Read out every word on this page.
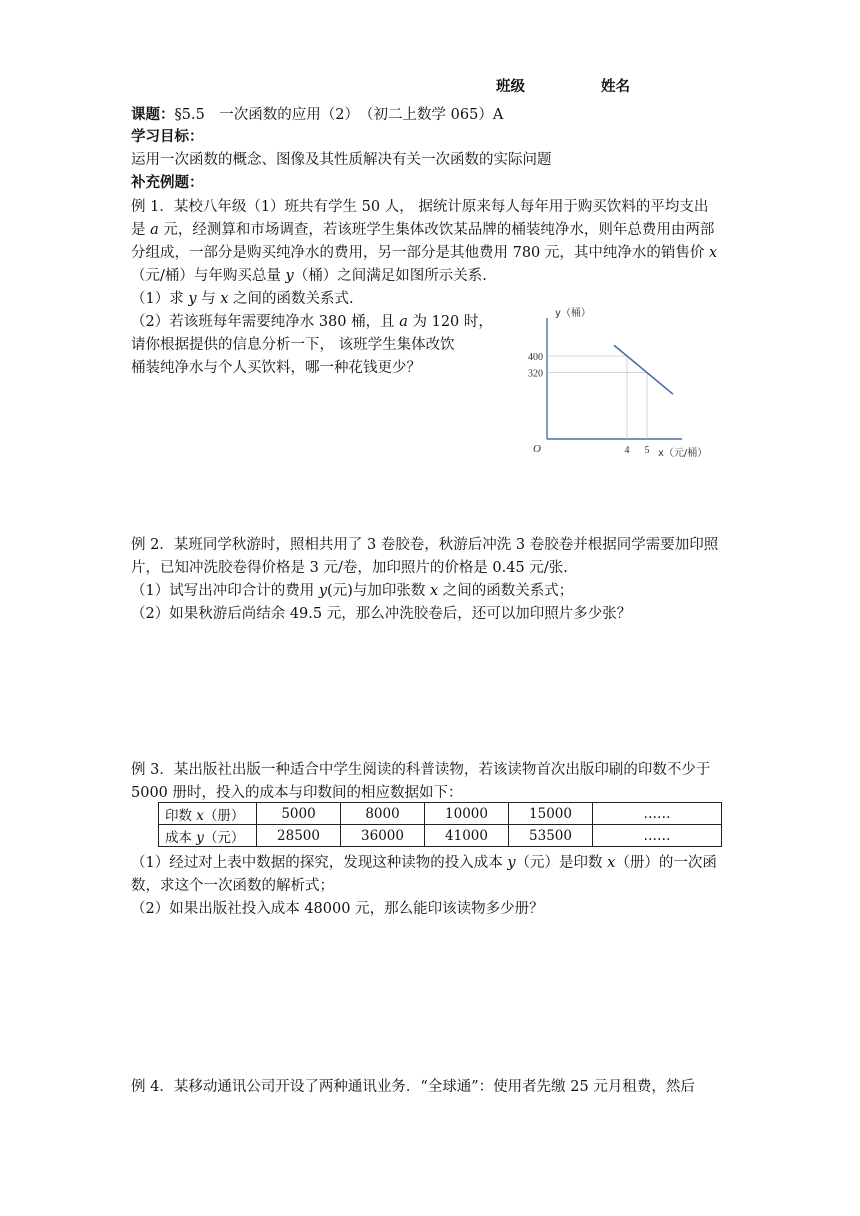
班级	姓名
课题：§5.5　一次函数的应用（2）　（初二上数学 065）A
学习目标：
运用一次函数的概念、图像及其性质解决有关一次函数的实际问题
补充例题：
例 1．某校八年级（1）班共有学生 50 人， 据统计原来每人每年用于购买饮料的平均支出
是 a 元，经测算和市场调查，若该班学生集体改饮某品牌的桶装纯净水，则年总费用由两部
分组成，一部分是购买纯净水的费用，另一部分是其他费用 780 元，其中纯净水的销售价 x
（元/桶）与年购买总量 y（桶）之间满足如图所示关系.
（1）求 y 与 x 之间的函数关系式.
（2）若该班每年需要纯净水 380 桶，且 a 为 120 时，
请你根据提供的信息分析一下， 该班学生集体改饮
桶装纯净水与个人买饮料，哪一种花钱更少？
400
320
4 5
O	x（元/桶）
y（桶）
例 2．某班同学秋游时，照相共用了 3 卷胶卷，秋游后冲洗 3 卷胶卷并根据同学需要加印照
片，已知冲洗胶卷得价格是 3 元/卷，加印照片的价格是 0.45 元/张.
（1）试写出冲印合计的费用 y(元)与加印张数 x 之间的函数关系式；
（2）如果秋游后尚结余 49.5 元，那么冲洗胶卷后，还可以加印照片多少张？
例 3．某出版社出版一种适合中学生阅读的科普读物，若该读物首次出版印刷的印数不少于
5000 册时，投入的成本与印数间的相应数据如下：
印数 x（册）	5000	8000	10000	15000	……
成本 y（元）	28500	36000	41000	53500	……
（1）经过对上表中数据的探究，发现这种读物的投入成本 y（元）是印数 x（册）的一次函
数，求这个一次函数的解析式；
（2）如果出版社投入成本 48000 元，那么能印该读物多少册？
例 4．某移动通讯公司开设了两种通讯业务．“全球通”：使用者先缴 25 元月租费，然后
